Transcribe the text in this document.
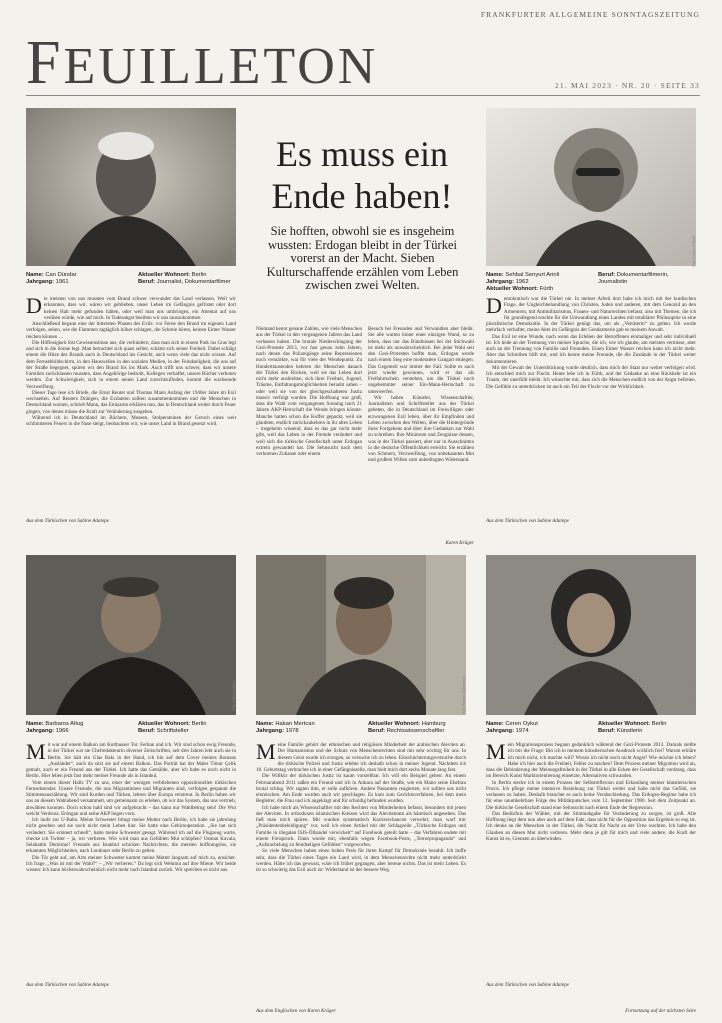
FRANKFURTER ALLGEMEINE SONNTAGSZEITUNG
FEUILLETON	21. MAI 2023 · NR. 20 · SEITE 33
Foto Daniel Pilar	Foto Bastian Pittroff
Es muss ein
Ende haben!
Sie hofften, obwohl sie es insgeheim wussten: Erdogan bleibt in der Türkei vorerst an der Macht. Sieben Kulturschaffende erzählen vom Leben zwischen zwei Welten.
Name: Can Dündar
Jahrgang: 1961
Aktueller Wohnort: Berlin
Beruf: Journalist, Dokumentarfilmer

Die meisten von uns mussten vom Brand schwer verwundet das Land verlassen. Weil wir erkannten, dass wir, wären wir geblieben, unser Leben im Gefängnis gefristet oder dort keinen Halt mehr gefunden hätten, oder weil man uns umbringen, ein Attentat auf uns verüben würde, wie auf mich. In Todesangst beeilten wir uns rauszukommen.

Anschließend begann eine der bittersten Phasen des Exils: vor Ferne den Brand im eigenen Land verfolgen, sehen, wie die Flammen tagtäglich höher schlagen, die Schreie hören, keinen Eimer Wasser reichen können …

Die Hilflosigkeit löst Gewissensbisse aus, die verhindern, dass man sich in einem Park ins Gras legt und sich in die Sonne legt. Man betrachtet sich quasi selber, schämt sich seiner Freiheit. Dabei schlägt einem die Hitze des Brands auch in Deutschland ins Gesicht, auch wenn viele das nicht wissen. Auf dem Fernsehbildschirm, in den Hauswellen in den sozialen Medien, in der Feindseligkeit, die uns auf der Straße begegnet, spüren wir den Brand bis ins Mark. Auch trifft uns schwer, dass wir unsere Familien zurücklassen mussten, dass Angehörige bedroht, Kollegen verhaftet, unsere Bücher verboten werden. Zur Schwierigkeit, sich in einem neuen Land zurechtzufinden, kommt die wachsende Verzweiflung.

Dieser Tage lese ich Briefe, die Ernst Reuter und Thomas Mann Anfang der 1940er Jahre im Exil wechselten. Auf Reuters Drängen, die Exilanten sollten zusammenkommen und die Menschen in Deutschland warnen, schrieb Mann, das Emisaren erklären nun, das in Deutschland weiter durch Feuer gingen, von denen müsse die Kraft zur Veränderung ausgehen.

Während ich in Deutschland im Büchern, Museen, Stolpersteinen der Geruch eines weit schlimmeren Feuers in die Nase steigt, beobachten wir, wie unser Land in Brand gesetzt wird.

Aus dem Türkischen von Sabine Adatepe

Niemand kennt genaue Zahlen, wie viele Menschen aus der Türkei in den vergangenen Jahren das Land verlassen haben. Die brutale Niederschlagung der Gezi-Proteste 2013, vor fast genau zehn Jahren, nach denen das Polizeigänge seine Repressionen noch verstärkte, war für viele der Wendepunkt. Zu Hunderttausenden kehrten die Menschen danach der Türkei den Rücken, weil sie das Leben dort nicht mehr aushielten, sich ihrer Freiheit, Jugend, Träume, Entfaltungsmöglichkeiten beraubt sahen – oder weil sie von der gleichgeschalteten Justiz massiv verfolgt wurden. Die Hoffnung war groß, dass die Wahl vom vergangenen Sonntag nach 21 Jahren AKP-Herrschaft die Wende bringen könnte. Manche hatten schon die Koffer gepackt, weil sie glaubten, endlich zurückzukehren in ihr altes Leben – insgeheim wissend, dass es das gar nicht mehr gibt, weil das Leben in der Fremde verändert und weil sich die türkische Gesellschaft unter Erdogan extrem gewandelt hat. Die Sehnsucht nach dem verlorenen Zuhause oder einem

Besuch bei Freunden und Verwandten aber bleibt. Sie alle warten hinter einer einzigen Wand, so zu leben, dass nur das Bündnissen bei der Stichwahl ist mehr als unwahrscheinlich. Bei jeder Wahl seit den Gezi-Protesten hoffte man, Erdogan werde nach einem Sieg eine moderatere Gangart einlegen. Das Gegenteil war immer der Fall. Sollte es auch jetzt wieder gewinnen, wird er das als Freifahrtschein verstehen, um die Türkei noch ungehemmter seiner Ein-Mann-Herrschaft zu unterwerfen.

Wir haben Künstler, Wissenschaftler, Journalisten und Schriftsteller aus der Türkei gebeten, die in Deutschland im Freiwilligen oder erzwungenen Exil leben, über ihr Empfinden und Leben zwischen den Welten, über die Hintergründe ihres Fortgehens und über ihre Gedanken zur Wahl zu schreiben. Ihre Minimum und Zeugnisse dessen, was in der Türkei passiert, aber nur in Ausschnitten in die deutsche Öffentlichkeit erreicht. Sie erzählen von Schmerz, Verzweiflung, von unbekannten Mut und großem Willen zum unbedingten Widerstand.

Karen Krüger
Name: Sehbal Senyurt Arinli
Jahrgang: 1962
Aktueller Wohnort: Fürth
Beruf: Dokumentarfilmerin, Journalistin

Demokratisch war die Türkei nie. In meiner Arbeit dort habe ich mich mit der kurdischen Frage, der Ungleichbehandlung von Christen, Juden und anderen, mit dem Genozid an den Armeniern, mit Antimilitarismus, Frauen- und Naturrechten befasst, also mit Themen, die ich für grundlegend erachte für die Umwandlung eines Landes mit totalitärer Philosophie in eine pluralistische Demokratie. In der Türkei genügt das, um als „Verräterin“ zu gelten. Ich wurde mehrfach verhaftet, meine Akte im Gefängnis der Gendarmerie gab es meinem Anwalt.

Das Exil ist eine Wunde, nach wenn das Erleben der Betroffenen einmaliger und sehr individuell ist. Ich leide an der Trennung von meiner Sprache, die ich, wie ich glaube, am meisten vermisse, aber auch an der Trennung von Familie und Freunden. Einen Eimer Wasser reichen kann ich nicht mehr. Aber das Schreiben hilft mir, und ich kenne meine Freunde, die die Zustände in der Türkei weiter dokumentieren.

Mit der Gewalt der Unterdrückung wurde deutlich, dass mich der Staat nur weiter verfolgen wird. Ich entschied mich zur Flucht. Heute lebe ich in Fürth, und der Gedanke an eine Rückkehr ist ein Traum, der unerfüllt bleibt. Ich wünschte mir, dass sich die Menschen endlich von der Angst befreien. Die Gefühle zu unterdrücken ist auch ein Teil der Flucht vor der Wirklichkeit.

Aus dem Türkischen von Sabine Adatepe
Foto Patrick Junker	Foto Wiebke Düsslmann	Foto Patrick Junker
Name: Barbaros Altug
Jahrgang: 1966
Aktueller Wohnort: Berlin
Beruf: Schriftsteller

Mit war auf einem Balkon am Kottbusser Tor. Ferhan und ich. Wir sind schon ewig Freunde, in der Türkei war sie Chefredakteurin diverser Zeitschriften, seit drei Jahren lebt auch sie in Berlin. Sie hält ein Glas Rakı in der Hand, ich bin auf dem Cover meines Romans „Ausländer“, auch da sitzt sie auf einem Balkon. Das Porträt hat der Maler Timur Çelik gemalt, auch er ein Freund aus der Türkei. Ich hatte das Gemälde, aber ich habe es noch nicht in Berlin. Hier leben jetzt fast mehr meiner Freunde als in Istanbul.

Vom einem dieser Halls TV zu uns, einer der wenigen verbliebenen oppositionellen türkischen Fernsehsender. Unsere Freunde, die nun Migrantinnen und Migranten sind, verfolgen gespannt die Stimmenauszählung. Wir sind Kurden und Türken, lehren über Europa verstreut. In Berlin haben wir uns an diesem Wahlabend versammelt, um gemeinsam zu erleben, ob wir das System, das uns vertrieb, abwählen konnten. Doch schon bald sind wir aufgebracht – das kann nur Wahlbetrug sein! Die Wut weicht Verdruss. Erdogan und seine AKP liegen vorn.

Ich laufe zur U-Bahn. Meine Schwester bringt meine Mutter nach Berlin, ich habe sie jahrelang nicht gesehen und sie noch nicht mein Leben hier. Sie hatte eine Gehirnoperation. „Sie hat sich verändert. Sie erinnert schnell“, hatte meine Schwester gesagt. Während ich auf die Flugzeug warte, checke ich Twitter – ja, wir verlieren. Wie wird man aus Gefühlen Mut schöpfen? Osman Kavala, Selahattin Demirtas? Freunde aus Istanbul schicken Nachrichten, die meisten hoffnungslos, sie erkannten Möglichkeiten, nach Londoner oder Berlin zu gehen.

Die Tür geht auf, am Arm meiner Schwester kommt meine Mutter langsam auf mich zu, unsicher. Ich frage, „Was ist mit der Wahl?“ – „Wir verlieren.“ Da legt sich Wehmut auf ihre Miene. Wir beide wissen: Ich kann höchstwahrscheinlich nicht mehr nach Istanbul zurück. Wir sprechen es nicht aus.

Aus dem Türkischen von Sabine Adatepe
Name: Hakan Mertcan
Jahrgang: 1978
Aktueller Wohnort: Hamburg
Beruf: Rechtswissenschaftler

Meine Familie gehört der ethnischen und religiösen Minderheit der arabischen Aleviten an. Der Humanismus und der Schutz von Menschenrechten sind mir sehr wichtig für uns. In diesem Geist wurde ich erzogen, so versuche ich zu leben. Einschüchterungsversuche durch die türkische Polizei und Justiz erlebte ich deshalb schon in meiner Jugend. Nachdem ich 18. Geburtstag verbrachte ich in einer Gefängniszelle, man hielt mich dort sechs Monate lang fest.

Die Willkür der türkischen Justiz ist kaum vorstellbar. Ich will ein Beispiel geben: An einem Februarabend 2011 saßen ein Freund und ich in Ankara auf der Straße, wie ein Mann seine Ehefrau brutal schlug. Wir sagten ihm, er solle aufhören. Andere Passanten reagierten, wir sollten uns nicht einmischen. Am Ende wurden auch wir geschlagen. Es kam zum Gerichtsverfahren, bei dem mein Begleiter, die Frau und ich angeklagt und für schuldig befunden wurden.

Ich habe mich als Wissenschaftler mit den Rechten von Minderheiten befasst, besonders mit jenen der Aleviten. In orthodoxen islamischen Kreisen wird das Alevitentum als häretisch angesehen. Das ließ man mich spüren. Mir wurden systematisch Karrierechancen verwehrt, man warf mir „Präsidentenbeleidigung“ vor, weil ich einen Artikel mit der Schlagzeile „Türkische Erdogan und Familie in illegalen ISIS-Ölhandel verwickelt“ auf Facebook geteilt hatte – das Verfahren endete mit einem Freispruch. Dann wurde mir, ebenfalls wegen Facebook-Posts, „Terrorpropaganda“ und „Aufstachelung zu feindseligen Gefühlen“ vorgeworfen.

So viele Menschen haben einen hohen Preis für ihren Kampf für Demokratie bezahlt. Ich hoffe sehr, dass die Türkei eines Tages ein Land wird, in dem Menschenrechte nicht mehr unterdrückt werden. Hätte ich das gewusst, wäre ich früher gegangen, aber bereue nichts. Das ist mein Leben. Es ist so schwierig das Exil auch ist: Widerstand ist der bessere Weg.

Aus dem Englischen von Karen Krüger
Name: Ceren Oykut
Jahrgang: 1974
Aktueller Wohnort: Berlin
Beruf: Künstlerin

Mein Migrationsprozess begann gedanklich während der Gezi-Proteste 2013. Damals stellte ich mir die Frage: Bin ich in meinem künstlerischen Ausdruck wirklich frei? Warum erkläre ich mich nicht, ich machte will? Woran ich nicht noch nicht Angst? Wie möchte ich leben? Habe ich hier auch die Freiheit, Fehler zu machen? Dem Prozess meiner Migration wird an, dass die Behinderung der Meinungsfreiheit in der Türkei in alle Ecken der Gesellschaft vordrang, dass im Bereich Kunst Marktorientierung einsetzte, Alternativen schwanden.

In Berlin stecke ich in einem Prozess der Selbstreflexion und Erkundung meiner künstlerischen Praxis. Ich pflege meine intensive Beziehung zur Türkei weiter und habe nicht das Gefühl, sie verlassen zu haben. Deshalb brauchte es auch keine Verabschiedung. Das Erdogan-Regime habe ich für eine unumkehrbare Folge des Militärputsches vom 12. September 1980. Seit dem Zeitpunkt an. Die türkische Gesellschaft stand eine Sehnsucht nach einem Ende der Regression.

Das Bedürfnis der Wähler, mit der Stimmabgabe für Veränderung zu sorgen, ist groß. Alle Hoffnung liegt dem nun aber auch auf dem Fakt, dass nicht für die Opposition das Ergebnis so eng ist. Ich denke an die Menschen in der Türkei, die Nacht für Nacht an der Urne wachten. Ich habe den Glauben an diesen Mut nicht verloren. Mehr denn je gilt für mich und viele andere, die Kraft der Kunst ist es, Grenzen zu überwinden.

Aus dem Türkischen von Sabine Adatepe
Fortsetzung auf der nächsten Seite
